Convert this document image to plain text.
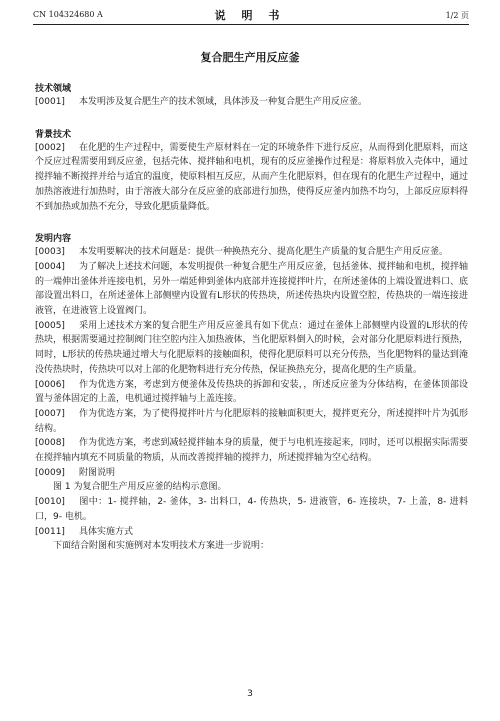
CN 104324680 A	说 明 书	1/2 页
复合肥生产用反应釜

技术领域

[0001] 本发明涉及复合肥生产的技术领域，具体涉及一种复合肥生产用反应釜。

背景技术

[0002] 在化肥的生产过程中，需要使生产原材料在一定的环境条件下进行反应，从而得到化肥原料，而这个反应过程需要用到反应釜，包括壳体、搅拌轴和电机，现有的反应釜操作过程是：将原料放入壳体中，通过搅拌轴不断搅拌并给与适宜的温度，使原料相互反应，从而产生化肥原料，但在现有的化肥生产过程中，通过加热溶液进行加热时，由于溶液大部分在反应釜的底部进行加热，使得反应釜内加热不均匀，上部反应原料得不到加热或加热不充分，导致化肥质量降低。

发明内容

[0003] 本发明要解决的技术问题是：提供一种换热充分、提高化肥生产质量的复合肥生产用反应釜。

[0004] 为了解决上述技术问题，本发明提供一种复合肥生产用反应釜，包括釜体、搅拌轴和电机，搅拌轴的一端伸出釜体并连接电机，另外一端延伸到釜体内底部并连接搅拌叶片，在所述釜体的上端设置进料口、底部设置出料口，在所述釜体上部侧壁内设置有L形状的传热块，所述传热块内设置空腔，传热块的一端连接进液管，在进液管上设置阀门。

[0005] 采用上述技术方案的复合肥生产用反应釜具有如下优点：通过在釜体上部侧壁内设置的L形状的传热块，根据需要通过控制阀门往空腔内注入加热液体，当化肥原料倒入的时候，会对部分化肥原料进行预热，同时，L形状的传热块通过增大与化肥原料的接触面积，使得化肥原料可以充分传热，当化肥物料的量达到淹没传热块时，传热块可以对上部的化肥物料进行充分传热，保证换热充分，提高化肥的生产质量。

[0006] 作为优选方案，考虑到方便釜体及传热块的拆卸和安装，，所述反应釜为分体结构，在釜体顶部设置与釜体固定的上盖，电机通过搅拌轴与上盖连接。

[0007] 作为优选方案，为了使得搅拌叶片与化肥原料的接触面积更大，搅拌更充分，所述搅拌叶片为弧形结构。

[0008] 作为优选方案，考虑到减轻搅拌轴本身的质量，便于与电机连接起来，同时，还可以根据实际需要在搅拌轴内填充不同质量的物质，从而改善搅拌轴的搅拌力，所述搅拌轴为空心结构。

[0009] 附图说明

图 1 为复合肥生产用反应釜的结构示意图。

[0010] 图中：1- 搅拌轴，2- 釜体，3- 出料口，4- 传热块，5- 进液管，6- 连接块，7- 上盖，8- 进料口，9- 电机。

[0011] 具体实施方式

下面结合附图和实施例对本发明技术方案进一步说明：

3
